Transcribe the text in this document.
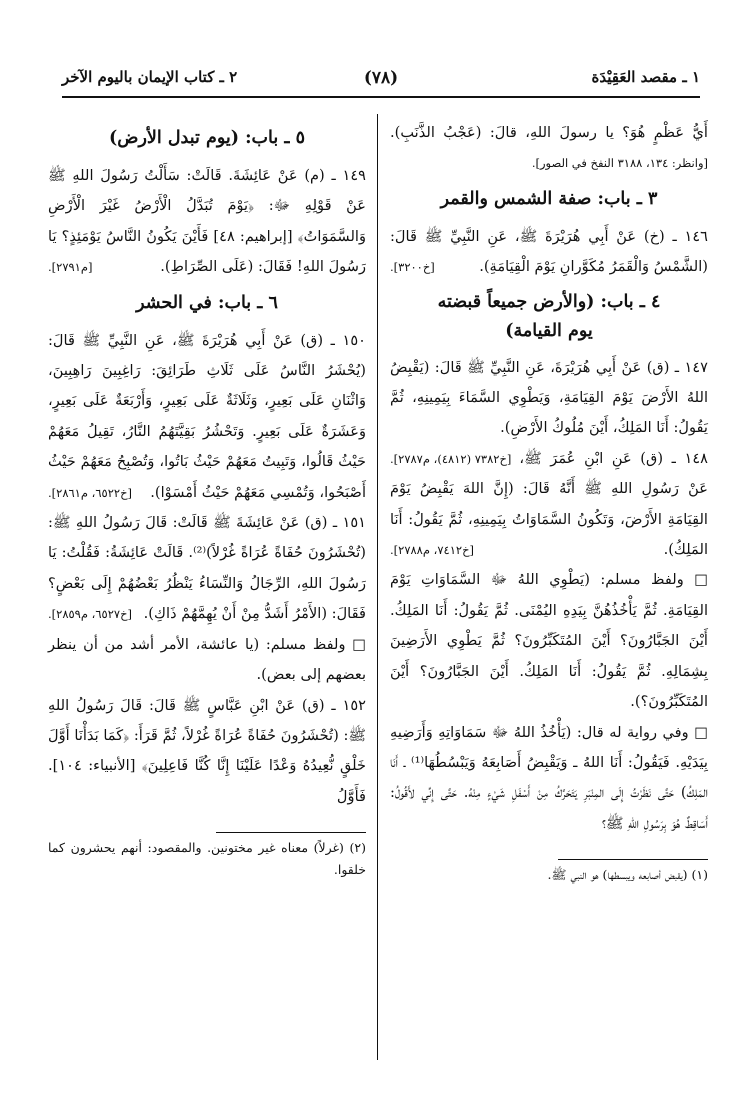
١ ـ مقصد العَقِيْدَة
(٧٨)
٢ ـ كتاب الإيمان باليوم الآخر

أَيُّ عَظْمٍ هُوَ؟ يا رسولَ اللهِ، قالَ: (عَجْبُ الذَّنَبِ). [وانظر: ١٣٤، ٣١٨٨ النفخ في الصور].

٣ ـ باب: صفة الشمس والقمر

١٤٦ ـ (خ) عَنْ أَبِي هُرَيْرَةَ ﷺ، عَنِ النَّبِيِّ ﷺ قَالَ: (الشَّمْسُ وَالْقَمَرُ مُكَوَّرانِ يَوْمَ الْقِيَامَةِ).
[خ٣٢٠٠].

٤ ـ باب: (والأرض جميعاً قبضته
يوم القيامة)

١٤٧ ـ (ق) عَنْ أَبِي هُرَيْرَةَ، عَنِ النَّبِيِّ ﷺ قَالَ: (يَقْبِضُ اللهُ الأَرْضَ يَوْمَ القِيَامَةِ، وَيَطْوِي السَّمَاءَ بِيَمِينِهِ، ثُمَّ يَقُولُ: أَنَا المَلِكُ، أَيْنَ مُلُوكُ الأَرْضِ).
[خ٧٣٨٢ (٤٨١٢)، م٢٧٨٧]. ١٤٨ ـ (ق) عَنِ ابْنِ عُمَرَ ﷺ، عَنْ رَسُولِ اللهِ ﷺ أَنَّهُ قَالَ: (إِنَّ اللهَ يَقْبِضُ يَوْمَ القِيَامَةِ الأَرْضَ، وَتَكُونُ السَّمَاوَاتُ بِيَمِينِهِ، ثُمَّ يَقُولُ: أَنَا المَلِكُ).
[خ٧٤١٢، م٢٧٨٨].

□ ولفظ مسلم: (يَطْوِي اللهُ ﷻ السَّمَاوَاتِ يَوْمَ القِيَامَةِ. ثُمَّ يَأْخُذُهُنَّ بِيَدِهِ اليُمْنَى. ثُمَّ يَقُولُ: أَنَا المَلِكُ. أَيْنَ الجَبَّارُونَ؟ أَيْنَ المُتَكَبِّرُونَ؟ ثُمَّ يَطْوِي الأَرَضِينَ بِشِمَالِهِ. ثُمَّ يَقُولُ: أَنَا المَلِكُ. أَيْنَ الجَبَّارُونَ؟ أَيْنَ المُتَكَبِّرُونَ؟).

□ وفي رواية له قال: (يَأْخُذُ اللهُ ﷻ سَمَاوَاتِهِ وَأَرَضِيهِ بِيَدَيْهِ. فَيَقُولُ: أَنَا اللهُ ـ وَيَقْبِضُ أَصَابِعَهُ وَيَبْسُطُهَا⁽¹⁾ ـ أَنَا المَلِكُ) حَتَّى نَظَرْتُ إِلَى المِنْبَرِ يَتَحَرَّكُ مِنْ أَسْفَلِ شَيْءٍ مِنْهُ. حَتَّى إِنِّي لأَقُولُ: أَسَاقِطٌ هُوَ بِرَسُولِ اللهِ ﷺ؟

(١) (يقبض أصابعه ويبسطها) هو النبي ﷺ.

٥ ـ باب: (يوم تبدل الأرض)

١٤٩ ـ (م) عَنْ عَائِشَةَ. قَالَتْ: سَأَلْتُ رَسُولَ اللهِ ﷺ عَنْ قَوْلِهِ ﷻ: ﴿يَوْمَ تُبَدَّلُ الْأَرْضُ غَيْرَ الْأَرْضِ وَالسَّمَوَاتُ﴾ [إبراهيم: ٤٨] فَأَيْنَ يَكُونُ النَّاسُ يَوْمَئِذٍ؟ يَا رَسُولَ اللهِ! فَقَالَ: (عَلَى الصِّرَاطِ).
[م٢٧٩١].

٦ ـ باب: في الحشر

١٥٠ ـ (ق) عَنْ أَبِي هُرَيْرَةَ ﷺ، عَنِ النَّبِيِّ ﷺ قَالَ: (يُحْشَرُ النَّاسُ عَلَى ثَلَاثِ طَرَائِقَ: رَاغِبِينَ رَاهِبِينَ، وَاثْنَانِ عَلَى بَعِيرٍ، وَثَلَاثَةٌ عَلَى بَعِيرٍ، وَأَرْبَعَةٌ عَلَى بَعِيرٍ، وَعَشَرَةٌ عَلَى بَعِيرٍ. وَتَحْشُرُ بَقِيَّتَهُمُ النَّارُ، تَقِيلُ مَعَهُمْ حَيْثُ قَالُوا، وَتَبِيتُ مَعَهُمْ حَيْثُ بَاتُوا، وَتُصْبِحُ مَعَهُمْ حَيْثُ أَصْبَحُوا، وَتُمْسِي مَعَهُمْ حَيْثُ أَمْسَوْا).
[خ٦٥٢٢، م٢٨٦١].

١٥١ ـ (ق) عَنْ عَائِشَةَ ﷺ قَالَتْ: قَالَ رَسُولُ اللهِ ﷺ: (تُحْشَرُونَ حُفَاةً عُرَاةً غُرْلاً)⁽²⁾. قَالَتْ عَائِشَةُ: فَقُلْتُ: يَا رَسُولَ اللهِ، الرِّجَالُ وَالنِّسَاءُ يَنْظُرُ بَعْضُهُمْ إِلَى بَعْضٍ؟ فَقَالَ: (الأَمْرُ أَشَدُّ مِنْ أَنْ يُهِمَّهُمْ ذَاكِ).
[خ٦٥٢٧، م٢٨٥٩].

□ ولفظ مسلم: (يا عائشة، الأمر أشد من أن ينظر بعضهم إلى بعض).

١٥٢ ـ (ق) عَنْ ابْنِ عَبَّاسٍ ﷺ قَالَ: قَالَ رَسُولُ اللهِ ﷺ: (تُحْشَرُونَ حُفَاةً عُرَاةً غُرْلاً، ثُمَّ قَرَأَ: ﴿كَمَا بَدَأْنَا أَوَّلَ خَلْقٍ نُّعِيدُهُ وَعْدًا عَلَيْنَا إِنَّا كُنَّا فَاعِلِينَ﴾ [الأنبياء: ١٠٤]. فَأَوَّلُ

(٢) (غرلاً) معناه غير مختونين. والمقصود: أنهم يحشرون كما خلقوا.
